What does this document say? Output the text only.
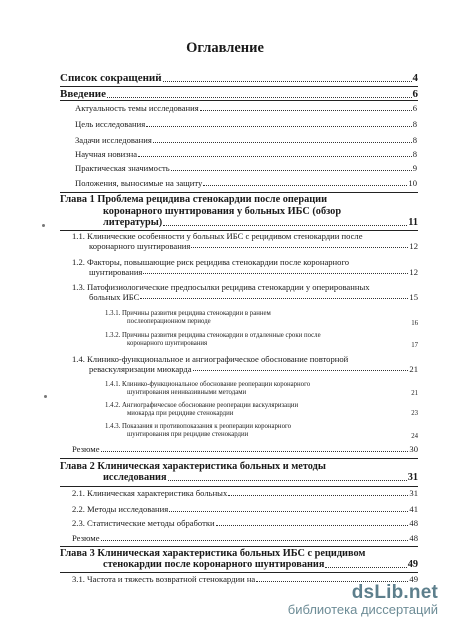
Оглавление
Список сокращений	4
Введение	6
Актуальность темы исследования	6
Цель исследования	8
Задачи исследования	8
Научная новизна	8
Практическая значимость	9
Положения, выносимые на защиту	10
Глава 1 Проблема рецидива стенокардии после операции
коронарного шунтирования у больных ИБС (обзор
литературы)	11
1.1. Клинические особенности у больных ИБС с рецидивом стенокардии после
коронарного шунтирования	12
1.2. Факторы, повышающие риск рецидива стенокардии после коронарного
шунтирования	12
1.3. Патофизиологические предпосылки рецидива стенокардии у оперированных
больных ИБС	15
1.3.1. Причины развития рецидива стенокардии в раннем
послеоперационном периоде	16
1.3.2. Причины развития рецидива стенокардии в отдаленные сроки после
коронарного шунтирования	17
1.4. Клинико-функциональное и ангиографическое обоснование повторной
реваскуляризации миокарда	21
1.4.1. Клинико-функциональное обоснование реоперации коронарного
шунтирования неинвазивными методами	21
1.4.2. Ангиографическое обоснование реоперации васкуляризации
миокарда при рецидиве стенокардии	23
1.4.3. Показания и противопоказания к реоперации коронарного
шунтирования при рецидиве стенокардии	24
Резюме	30
Глава 2 Клиническая характеристика больных и методы
исследования	31
2.1. Клиническая характеристика больных	31
2.2. Методы исследования	41
2.3. Статистические методы обработки	48
Резюме	48
Глава 3 Клиническая характеристика больных ИБС с рецидивом
стенокардии после коронарного шунтирования	49
3.1. Частота и тяжесть возвратной стенокардии на	49
dsLib.net
библиотека диссертаций
